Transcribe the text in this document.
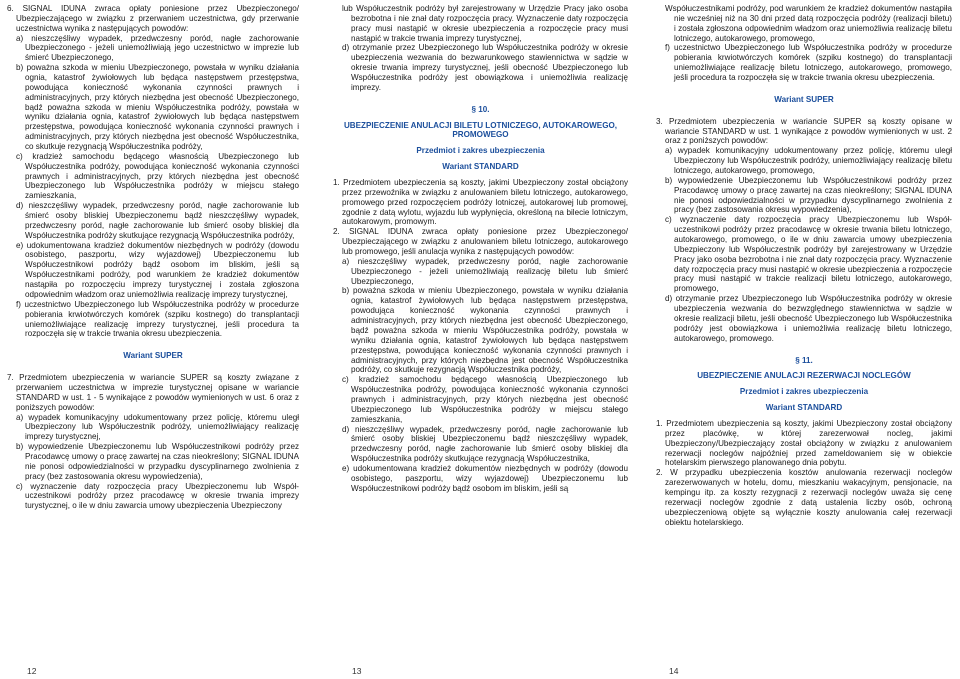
6. SIGNAL IDUNA zwraca opłaty poniesione przez Ubezpieczonego/ Ubezpieczającego w związku z przerwaniem uczestnictwa, gdy przerwanie uczestnictwa wynika z następujących powodów:

a) nieszczęśliwy wypadek, przedwczesny poród, nagłe zachorowanie Ubezpieczonego - jeżeli uniemożliwiają jego uczestnictwo w imprezie lub śmierć Ubezpieczonego,

b) poważna szkoda w mieniu Ubezpieczonego, powstała w wyniku działania ognia, katastrof żywiołowych lub będąca następstwem przestępstwa, powodująca konieczność wykonania czynności prawnych i administracyjnych, przy których niezbędna jest obecność Ubezpieczonego, bądź poważna szkoda w mieniu Współuczestnika podróży, powstała w wyniku działania ognia, katastrof żywiołowych lub będąca następstwem przestępstwa, powodująca konieczność wykonania czynności prawnych i administracyjnych, przy których niezbędna jest obecność Współuczestnika, co skutkuje rezygnacją Współuczestnika podróży,

c) kradzież samochodu będącego własnością Ubezpieczonego lub Współuczestnika podróży, powodująca konieczność wykonania czynności prawnych i administracyjnych, przy których niezbędna jest obecność Ubezpieczonego lub Współuczestnika podróży w miejscu stałego zamieszkania,

d) nieszczęśliwy wypadek, przedwczesny poród, nagłe zachorowanie lub śmierć osoby bliskiej Ubezpieczonemu bądź nieszczęśliwy wypadek, przedwczesny poród, nagłe zachorowanie lub śmierć osoby bliskiej dla Współuczestnika podróży skutkujące rezygnacją Współuczestnika podróży,

e) udokumentowana kradzież dokumentów niezbędnych w podróży (dowodu osobistego, paszportu, wizy wyjazdowej) Ubezpieczonemu lub Współuczestnikowi podróży bądź osobom im bliskim, jeśli są Współuczestnikami podróży, pod warunkiem że kradzież dokumentów nastąpiła po rozpoczęciu imprezy turystycznej i została zgłoszona odpowiednim władzom oraz uniemożliwia realizację imprezy turystycznej,

f) uczestnictwo Ubezpieczonego lub Współuczestnika podróży w procedurze pobierania krwiotwórczych komórek (szpiku kostnego) do transplantacji uniemożliwiające realizację imprezy turystycznej, jeśli procedura ta rozpoczęła się w trakcie trwania okresu ubezpieczenia.

Wariant SUPER

7. Przedmiotem ubezpieczenia w wariancie SUPER są koszty związane z przerwaniem uczestnictwa w imprezie turystycznej opisane w wariancie STANDARD w ust. 1 - 5 wynikające z powodów wymienionych w ust. 6 oraz z poniższych powodów:

a) wypadek komunikacyjny udokumentowany przez policję, któremu uległ Ubezpieczony lub Współuczestnik podróży, uniemożliwiający realizację imprezy turystycznej,

b) wypowiedzenie Ubezpieczonemu lub Współuczestnikowi podróży przez Pracodawcę umowy o pracę zawartej na czas nieokreślony; SIGNAL IDUNA nie ponosi odpowiedzialności w przypadku dyscyplinarnego zwolnienia z pracy (bez zastosowania okresu wypowiedzenia),

c) wyznaczenie daty rozpoczęcia pracy Ubezpieczonemu lub Współ-uczestnikowi podróży przez pracodawcę w okresie trwania imprezy turystycznej, o ile w dniu zawarcia umowy ubezpieczenia Ubezpieczony

lub Współuczestnik podróży był zarejestrowany w Urzędzie Pracy jako osoba bezrobotna i nie znał daty rozpoczęcia pracy. Wyznaczenie daty rozpoczęcia pracy musi nastąpić w okresie ubezpieczenia a rozpoczęcie pracy musi nastąpić w trakcie trwania imprezy turystycznej,

d) otrzymanie przez Ubezpieczonego lub Współuczestnika podróży w okresie ubezpieczenia wezwania do bezwarunkowego stawiennictwa w sądzie w okresie trwania imprezy turystycznej, jeśli obecność Ubezpieczonego lub Współuczestnika podróży jest obowiązkowa i uniemożliwia realizację imprezy.

§ 10.

UBEZPIECZENIE ANULACJI BILETU LOTNICZEGO, AUTOKAROWEGO, PROMOWEGO

Przedmiot i zakres ubezpieczenia

Wariant STANDARD

1. Przedmiotem ubezpieczenia są koszty, jakimi Ubezpieczony został obciążony przez przewoźnika w związku z anulowaniem biletu lotniczego, autokarowego, promowego przed rozpoczęciem podróży lotniczej, autokarowej lub promowej, zgodnie z datą wylotu, wyjazdu lub wypłynięcia, określoną na bilecie lotniczym, autokarowym, promowym.

2. SIGNAL IDUNA zwraca opłaty poniesione przez Ubezpieczonego/ Ubezpieczającego w związku z anulowaniem biletu lotniczego, autokarowego lub promowego, jeśli anulacja wynika z następujących powodów:

a) nieszczęśliwy wypadek, przedwczesny poród, nagłe zachorowanie Ubezpieczonego - jeżeli uniemożliwiają realizację biletu lub śmierć Ubezpieczonego,

b) poważna szkoda w mieniu Ubezpieczonego, powstała w wyniku działania ognia, katastrof żywiołowych lub będąca następstwem przestępstwa, powodująca konieczność wykonania czynności prawnych i administracyjnych, przy których niezbędna jest obecność Ubezpieczonego, bądź poważna szkoda w mieniu Współuczestnika podróży, powstała w wyniku działania ognia, katastrof żywiołowych lub będąca następstwem przestępstwa, powodująca konieczność wykonania czynności prawnych i administracyjnych, przy których niezbędna jest obecność Współuczestnika podróży, co skutkuje rezygnacją Współuczestnika podróży,

c) kradzież samochodu będącego własnością Ubezpieczonego lub Współuczestnika podróży, powodująca konieczność wykonania czynności prawnych i administracyjnych, przy których niezbędna jest obecność Ubezpieczonego lub Współuczestnika podróży w miejscu stałego zamieszkania,

d) nieszczęśliwy wypadek, przedwczesny poród, nagłe zachorowanie lub śmierć osoby bliskiej Ubezpieczonemu bądź nieszczęśliwy wypadek, przedwczesny poród, nagłe zachorowanie lub śmierć osoby bliskiej dla Współuczestnika podróży skutkujące rezygnacją Współuczestnika,

e) udokumentowana kradzież dokumentów niezbędnych w podróży (dowodu osobistego, paszportu, wizy wyjazdowej) Ubezpieczonemu lub Współuczestnikowi podróży bądź osobom im bliskim, jeśli są

Współuczestnikami podróży, pod warunkiem że kradzież dokumentów nastąpiła nie wcześniej niż na 30 dni przed datą rozpoczęcia podróży (realizacji biletu) i została zgłoszona odpowiednim władzom oraz uniemożliwia realizację biletu lotniczego, autokarowego, promowego,

f) uczestnictwo Ubezpieczonego lub Współuczestnika podróży w procedurze pobierania krwiotwórczych komórek (szpiku kostnego) do transplantacji uniemożliwiające realizację biletu lotniczego, autokarowego, promowego, jeśli procedura ta rozpoczęła się w trakcie trwania okresu ubezpieczenia.

Wariant SUPER

3. Przedmiotem ubezpieczenia w wariancie SUPER są koszty opisane w wariancie STANDARD w ust. 1 wynikające z powodów wymienionych w ust. 2 oraz z poniższych powodów:

a) wypadek komunikacyjny udokumentowany przez policję, któremu uległ Ubezpieczony lub Współuczestnik podróży, uniemożliwiający realizację biletu lotniczego, autokarowego, promowego,

b) wypowiedzenie Ubezpieczonemu lub Współuczestnikowi podróży przez Pracodawcę umowy o pracę zawartej na czas nieokreślony; SIGNAL IDUNA nie ponosi odpowiedzialności w przypadku dyscyplinarnego zwolnienia z pracy (bez zastosowania okresu wypowiedzenia),

c) wyznaczenie daty rozpoczęcia pracy Ubezpieczonemu lub Współ-uczestnikowi podróży przez pracodawcę w okresie trwania biletu lotniczego, autokarowego, promowego, o ile w dniu zawarcia umowy ubezpieczenia Ubezpieczony lub Współuczestnik podróży był zarejestrowany w Urzędzie Pracy jako osoba bezrobotna i nie znał daty rozpoczęcia pracy. Wyznaczenie daty rozpoczęcia pracy musi nastąpić w okresie ubezpieczenia a rozpoczęcie pracy musi nastąpić w trakcie realizacji biletu lotniczego, autokarowego, promowego,

d) otrzymanie przez Ubezpieczonego lub Współuczestnika podróży w okresie ubezpieczenia wezwania do bezwzględnego stawiennictwa w sądzie w okresie realizacji biletu, jeśli obecność Ubezpieczonego lub Współuczestnika podróży jest obowiązkowa i uniemożliwia realizację biletu lotniczego, autokarowego, promowego.

§ 11.

UBEZPIECZENIE ANULACJI REZERWACJI NOCLEGÓW

Przedmiot i zakres ubezpieczenia

Wariant STANDARD

1. Przedmiotem ubezpieczenia są koszty, jakimi Ubezpieczony został obciążony przez placówkę, w której zarezerwował nocleg, jakimi Ubezpieczony/Ubezpieczający został obciążony w związku z anulowaniem rezerwacji noclegów najpóźniej przed zameldowaniem się w obiekcie hotelarskim pierwszego planowanego dnia pobytu.

2. W przypadku ubezpieczenia kosztów anulowania rezerwacji noclegów zarezerwowanych w hotelu, domu, mieszkaniu wakacyjnym, pensjonacie, na kempingu itp. za koszty rezygnacji z rezerwacji noclegów uważa się cenę rezerwacji noclegów zgodnie z datą ustalenia liczby osób, ochroną ubezpieczeniową objęte są wyłącznie koszty anulowania całej rezerwacji obiektu hotelarskiego.

12	13	14
